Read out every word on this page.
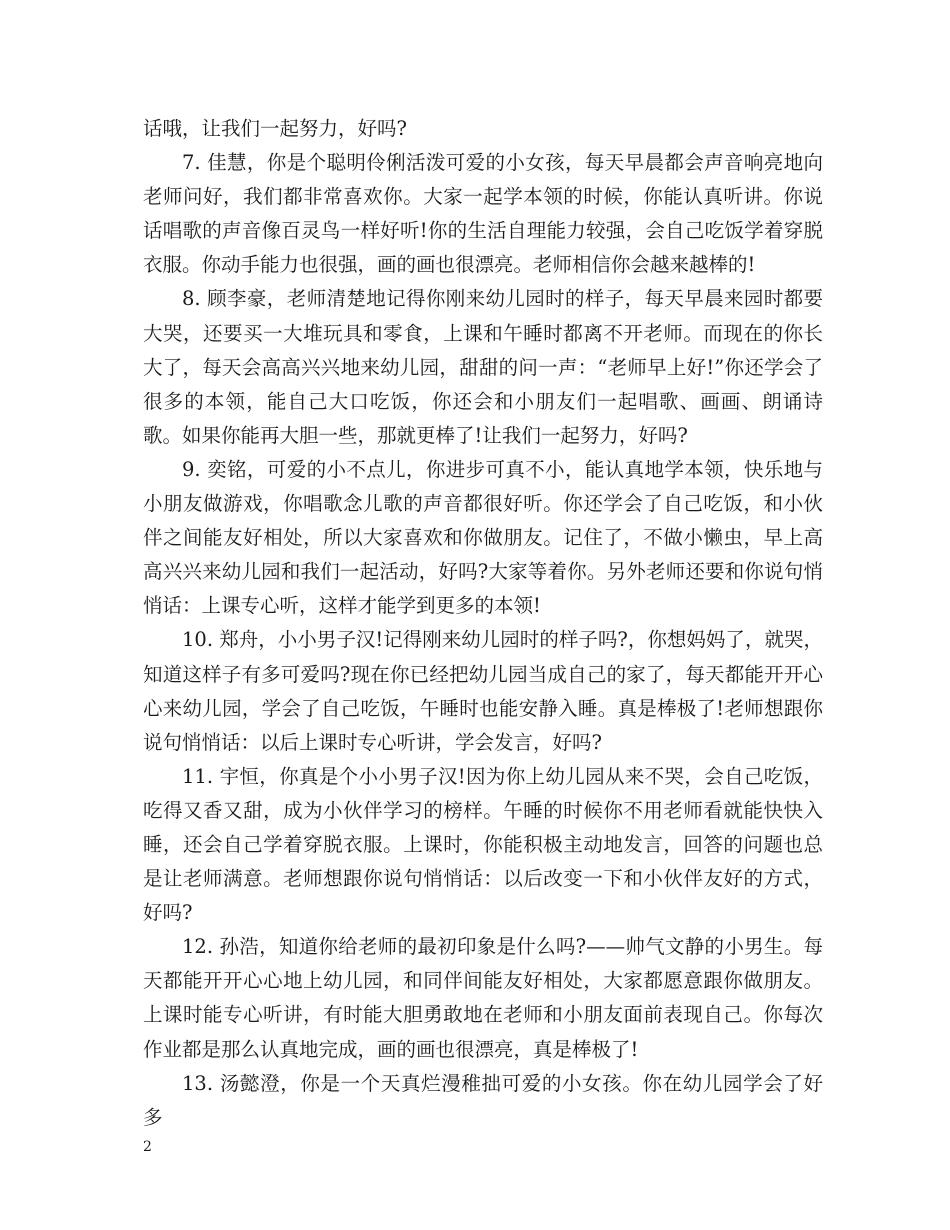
话哦，让我们一起努力，好吗?

7. 佳慧，你是个聪明伶俐活泼可爱的小女孩，每天早晨都会声音响亮地向老师问好，我们都非常喜欢你。大家一起学本领的时候，你能认真听讲。你说话唱歌的声音像百灵鸟一样好听!你的生活自理能力较强，会自己吃饭学着穿脱衣服。你动手能力也很强，画的画也很漂亮。老师相信你会越来越棒的!

8. 顾李豪，老师清楚地记得你刚来幼儿园时的样子，每天早晨来园时都要大哭，还要买一大堆玩具和零食，上课和午睡时都离不开老师。而现在的你长大了，每天会高高兴兴地来幼儿园，甜甜的问一声：“老师早上好!”你还学会了很多的本领，能自己大口吃饭，你还会和小朋友们一起唱歌、画画、朗诵诗歌。如果你能再大胆一些，那就更棒了!让我们一起努力，好吗?

9. 奕铭，可爱的小不点儿，你进步可真不小，能认真地学本领，快乐地与小朋友做游戏，你唱歌念儿歌的声音都很好听。你还学会了自己吃饭，和小伙伴之间能友好相处，所以大家喜欢和你做朋友。记住了，不做小懒虫，早上高高兴兴来幼儿园和我们一起活动，好吗?大家等着你。另外老师还要和你说句悄悄话：上课专心听，这样才能学到更多的本领!

10. 郑舟，小小男子汉!记得刚来幼儿园时的样子吗?，你想妈妈了，就哭，知道这样子有多可爱吗?现在你已经把幼儿园当成自己的家了，每天都能开开心心来幼儿园，学会了自己吃饭，午睡时也能安静入睡。真是棒极了!老师想跟你说句悄悄话：以后上课时专心听讲，学会发言，好吗?

11. 宇恒，你真是个小小男子汉!因为你上幼儿园从来不哭，会自己吃饭，吃得又香又甜，成为小伙伴学习的榜样。午睡的时候你不用老师看就能快快入睡，还会自己学着穿脱衣服。上课时，你能积极主动地发言，回答的问题也总是让老师满意。老师想跟你说句悄悄话：以后改变一下和小伙伴友好的方式，好吗?

12. 孙浩，知道你给老师的最初印象是什么吗?——帅气文静的小男生。每天都能开开心心地上幼儿园，和同伴间能友好相处，大家都愿意跟你做朋友。上课时能专心听讲，有时能大胆勇敢地在老师和小朋友面前表现自己。你每次作业都是那么认真地完成，画的画也很漂亮，真是棒极了!

13. 汤懿澄，你是一个天真烂漫稚拙可爱的小女孩。你在幼儿园学会了好多

2
